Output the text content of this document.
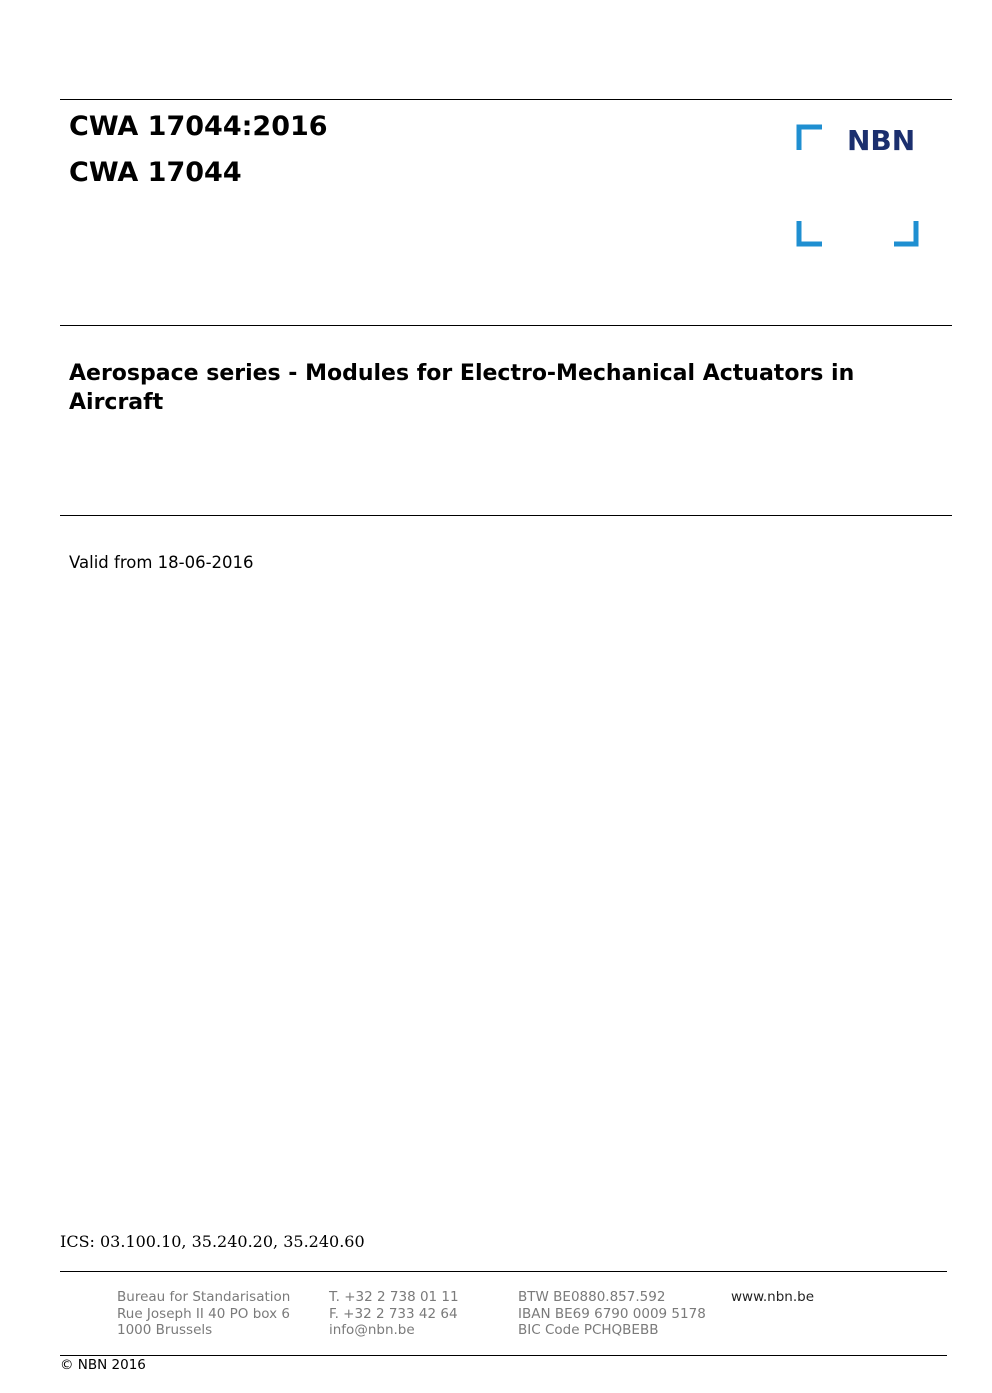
CWA 17044:2016
CWA 17044
NBN
Aerospace series - Modules for Electro-Mechanical Actuators in Aircraft
Valid from 18-06-2016
ICS: 03.100.10, 35.240.20, 35.240.60
Bureau for Standarisation
Rue Joseph II 40 PO box 6
1000 Brussels
T. +32 2 738 01 11
F. +32 2 733 42 64
info@nbn.be
BTW BE0880.857.592
IBAN BE69 6790 0009 5178
BIC Code PCHQBEBB
www.nbn.be
© NBN 2016
